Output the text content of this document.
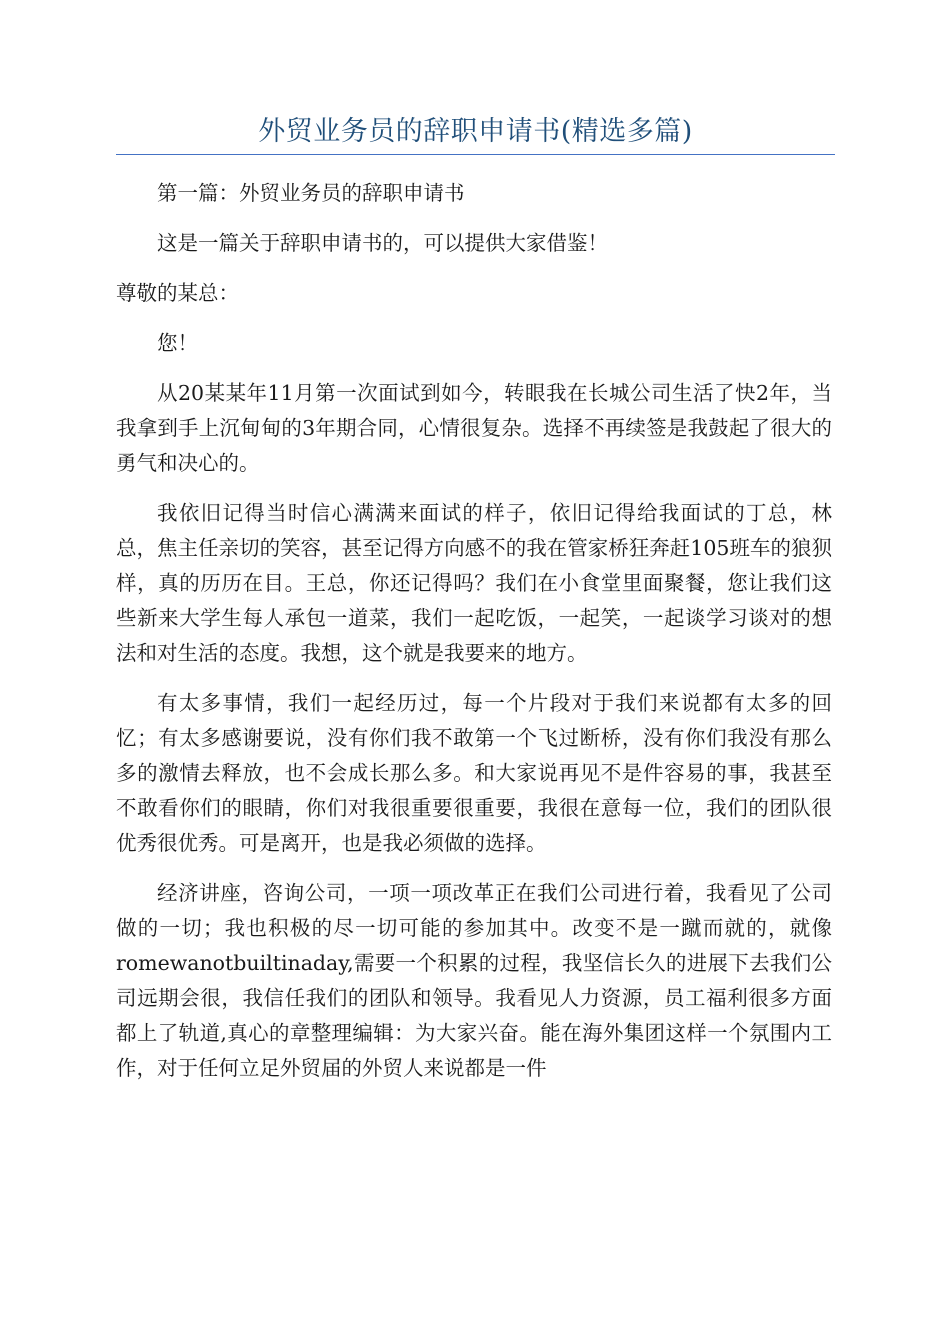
外贸业务员的辞职申请书(精选多篇)

第一篇：外贸业务员的辞职申请书

这是一篇关于辞职申请书的，可以提供大家借鉴！

尊敬的某总：

您！

从20某某年11月第一次面试到如今，转眼我在长城公司生活了快2年，当我拿到手上沉甸甸的3年期合同，心情很复杂。选择不再续签是我鼓起了很大的勇气和决心的。

我依旧记得当时信心满满来面试的样子，依旧记得给我面试的丁总，林总，焦主任亲切的笑容，甚至记得方向感不的我在管家桥狂奔赶105班车的狼狈样，真的历历在目。王总，你还记得吗？我们在小食堂里面聚餐，您让我们这些新来大学生每人承包一道菜，我们一起吃饭，一起笑，一起谈学习谈对的想法和对生活的态度。我想，这个就是我要来的地方。

有太多事情，我们一起经历过，每一个片段对于我们来说都有太多的回忆；有太多感谢要说，没有你们我不敢第一个飞过断桥，没有你们我没有那么多的激情去释放，也不会成长那么多。和大家说再见不是件容易的事，我甚至不敢看你们的眼睛，你们对我很重要很重要，我很在意每一位，我们的团队很优秀很优秀。可是离开，也是我必须做的选择。

经济讲座，咨询公司，一项一项改革正在我们公司进行着，我看见了公司做的一切；我也积极的尽一切可能的参加其中。改变不是一蹴而就的，就像romewanotbuiltinaday,需要一个积累的过程，我坚信长久的进展下去我们公司远期会很，我信任我们的团队和领导。我看见人力资源，员工福利很多方面都上了轨道,真心的章整理编辑：为大家兴奋。能在海外集团这样一个氛围内工作，对于任何立足外贸届的外贸人来说都是一件
